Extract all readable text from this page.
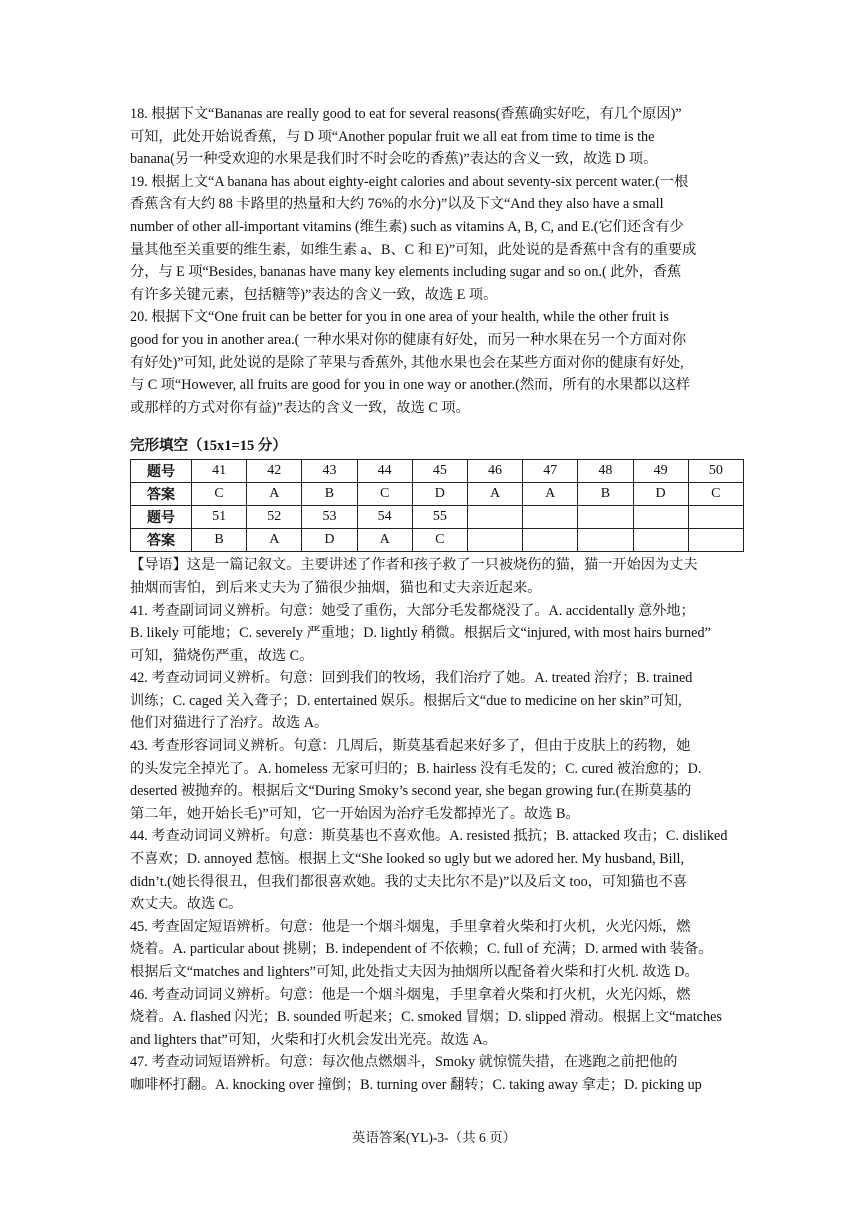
18. 根据下文“Bananas are really good to eat for several reasons(香蕉确实好吃，有几个原因)”
可知，此处开始说香蕉，与 D 项“Another popular fruit we all eat from time to time is the
banana(另一种受欢迎的水果是我们时不时会吃的香蕉)”表达的含义一致，故选 D 项。
19. 根据上文“A banana has about eighty-eight calories and about seventy-six percent water.(一根
香蕉含有大约 88 卡路里的热量和大约 76%的水分)”以及下文“And they also have a small
number of other all-important vitamins (维生素) such as vitamins A, B, C, and E.(它们还含有少
量其他至关重要的维生素，如维生素 a、B、C 和 E)”可知，此处说的是香蕉中含有的重要成
分，与 E 项“Besides, bananas have many key elements including sugar and so on.( 此外，香蕉
有许多关键元素，包括糖等)”表达的含义一致，故选 E 项。
20. 根据下文“One fruit can be better for you in one area of your health, while the other fruit is
good for you in another area.( 一种水果对你的健康有好处，而另一种水果在另一个方面对你
有好处)”可知, 此处说的是除了苹果与香蕉外, 其他水果也会在某些方面对你的健康有好处,
与 C 项“However, all fruits are good for you in one way or another.(然而，所有的水果都以这样
或那样的方式对你有益)”表达的含义一致，故选 C 项。
完形填空（15x1=15 分）
题号	41	42	43	44	45	46	47	48	49	50
答案	C	A	B	C	D	A	A	B	D	C
题号	51	52	53	54	55					
答案	B	A	D	A	C					
【导语】这是一篇记叙文。主要讲述了作者和孩子救了一只被烧伤的猫，猫一开始因为丈夫
抽烟而害怕，到后来丈夫为了猫很少抽烟，猫也和丈夫亲近起来。
41. 考查副词词义辨析。句意：她受了重伤，大部分毛发都烧没了。A. accidentally 意外地；
B. likely 可能地；C. severely 严重地；D. lightly 稍微。根据后文“injured, with most hairs burned”
可知，猫烧伤严重，故选 C。
42. 考查动词词义辨析。句意：回到我们的牧场，我们治疗了她。A. treated 治疗；B. trained
训练；C. caged 关入聋子；D. entertained 娱乐。根据后文“due to medicine on her skin”可知,
他们对猫进行了治疗。故选 A。
43. 考查形容词词义辨析。句意：几周后，斯莫基看起来好多了，但由于皮肤上的药物，她
的头发完全掉光了。A. homeless 无家可归的；B. hairless 没有毛发的；C. cured 被治愈的；D.
deserted 被抛弃的。根据后文“During Smoky’s second year, she began growing fur.(在斯莫基的
第二年，她开始长毛)”可知，它一开始因为治疗毛发都掉光了。故选 B。
44. 考查动词词义辨析。句意：斯莫基也不喜欢他。A. resisted 抵抗；B. attacked 攻击；C. disliked
不喜欢；D. annoyed 惹恼。根据上文“She looked so ugly but we adored her. My husband, Bill,
didn’t.(她长得很丑，但我们都很喜欢她。我的丈夫比尔不是)”以及后文 too，可知猫也不喜
欢丈夫。故选 C。
45. 考查固定短语辨析。句意：他是一个烟斗烟鬼，手里拿着火柴和打火机，火光闪烁，燃
烧着。A. particular about 挑剔；B. independent of 不依赖；C. full of 充满；D. armed with 装备。
根据后文“matches and lighters”可知, 此处指丈夫因为抽烟所以配备着火柴和打火机. 故选 D。
46. 考查动词词义辨析。句意：他是一个烟斗烟鬼，手里拿着火柴和打火机，火光闪烁，燃
烧着。A. flashed 闪光；B. sounded 听起来；C. smoked 冒烟；D. slipped 滑动。根据上文“matches
and lighters that”可知，火柴和打火机会发出光亮。故选 A。
47. 考查动词短语辨析。句意：每次他点燃烟斗，Smoky 就惊慌失措，在逃跑之前把他的
咖啡杯打翻。A. knocking over 撞倒；B. turning over 翻转；C. taking away 拿走；D. picking up
英语答案(YL)-3-（共 6 页）
